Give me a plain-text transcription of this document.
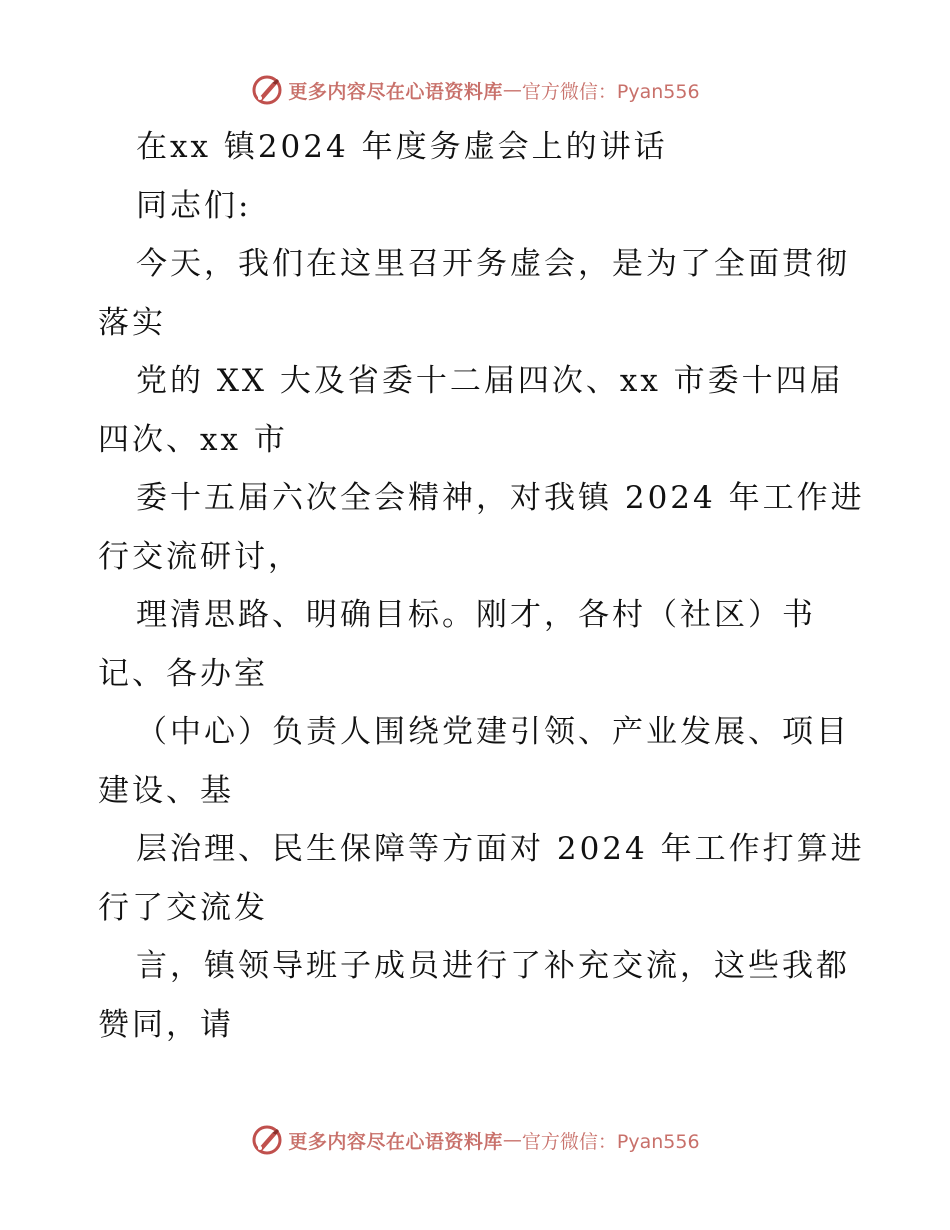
更多内容尽在心语资料库 — 官方微信：Pyan556
在xx 镇2024 年度务虚会上的讲话
同志们:
今天，我们在这里召开务虚会，是为了全面贯彻
落实
党的 XX 大及省委十二届四次、xx 市委十四届
四次、xx 市
委十五届六次全会精神，对我镇 2024 年工作进
行交流研讨，
理清思路、明确目标。刚才，各村（社区）书
记、各办室
（中心）负责人围绕党建引领、产业发展、项目
建设、基
层治理、民生保障等方面对 2024 年工作打算进
行了交流发
言，镇领导班子成员进行了补充交流，这些我都
赞同，请
更多内容尽在心语资料库 — 官方微信：Pyan556
